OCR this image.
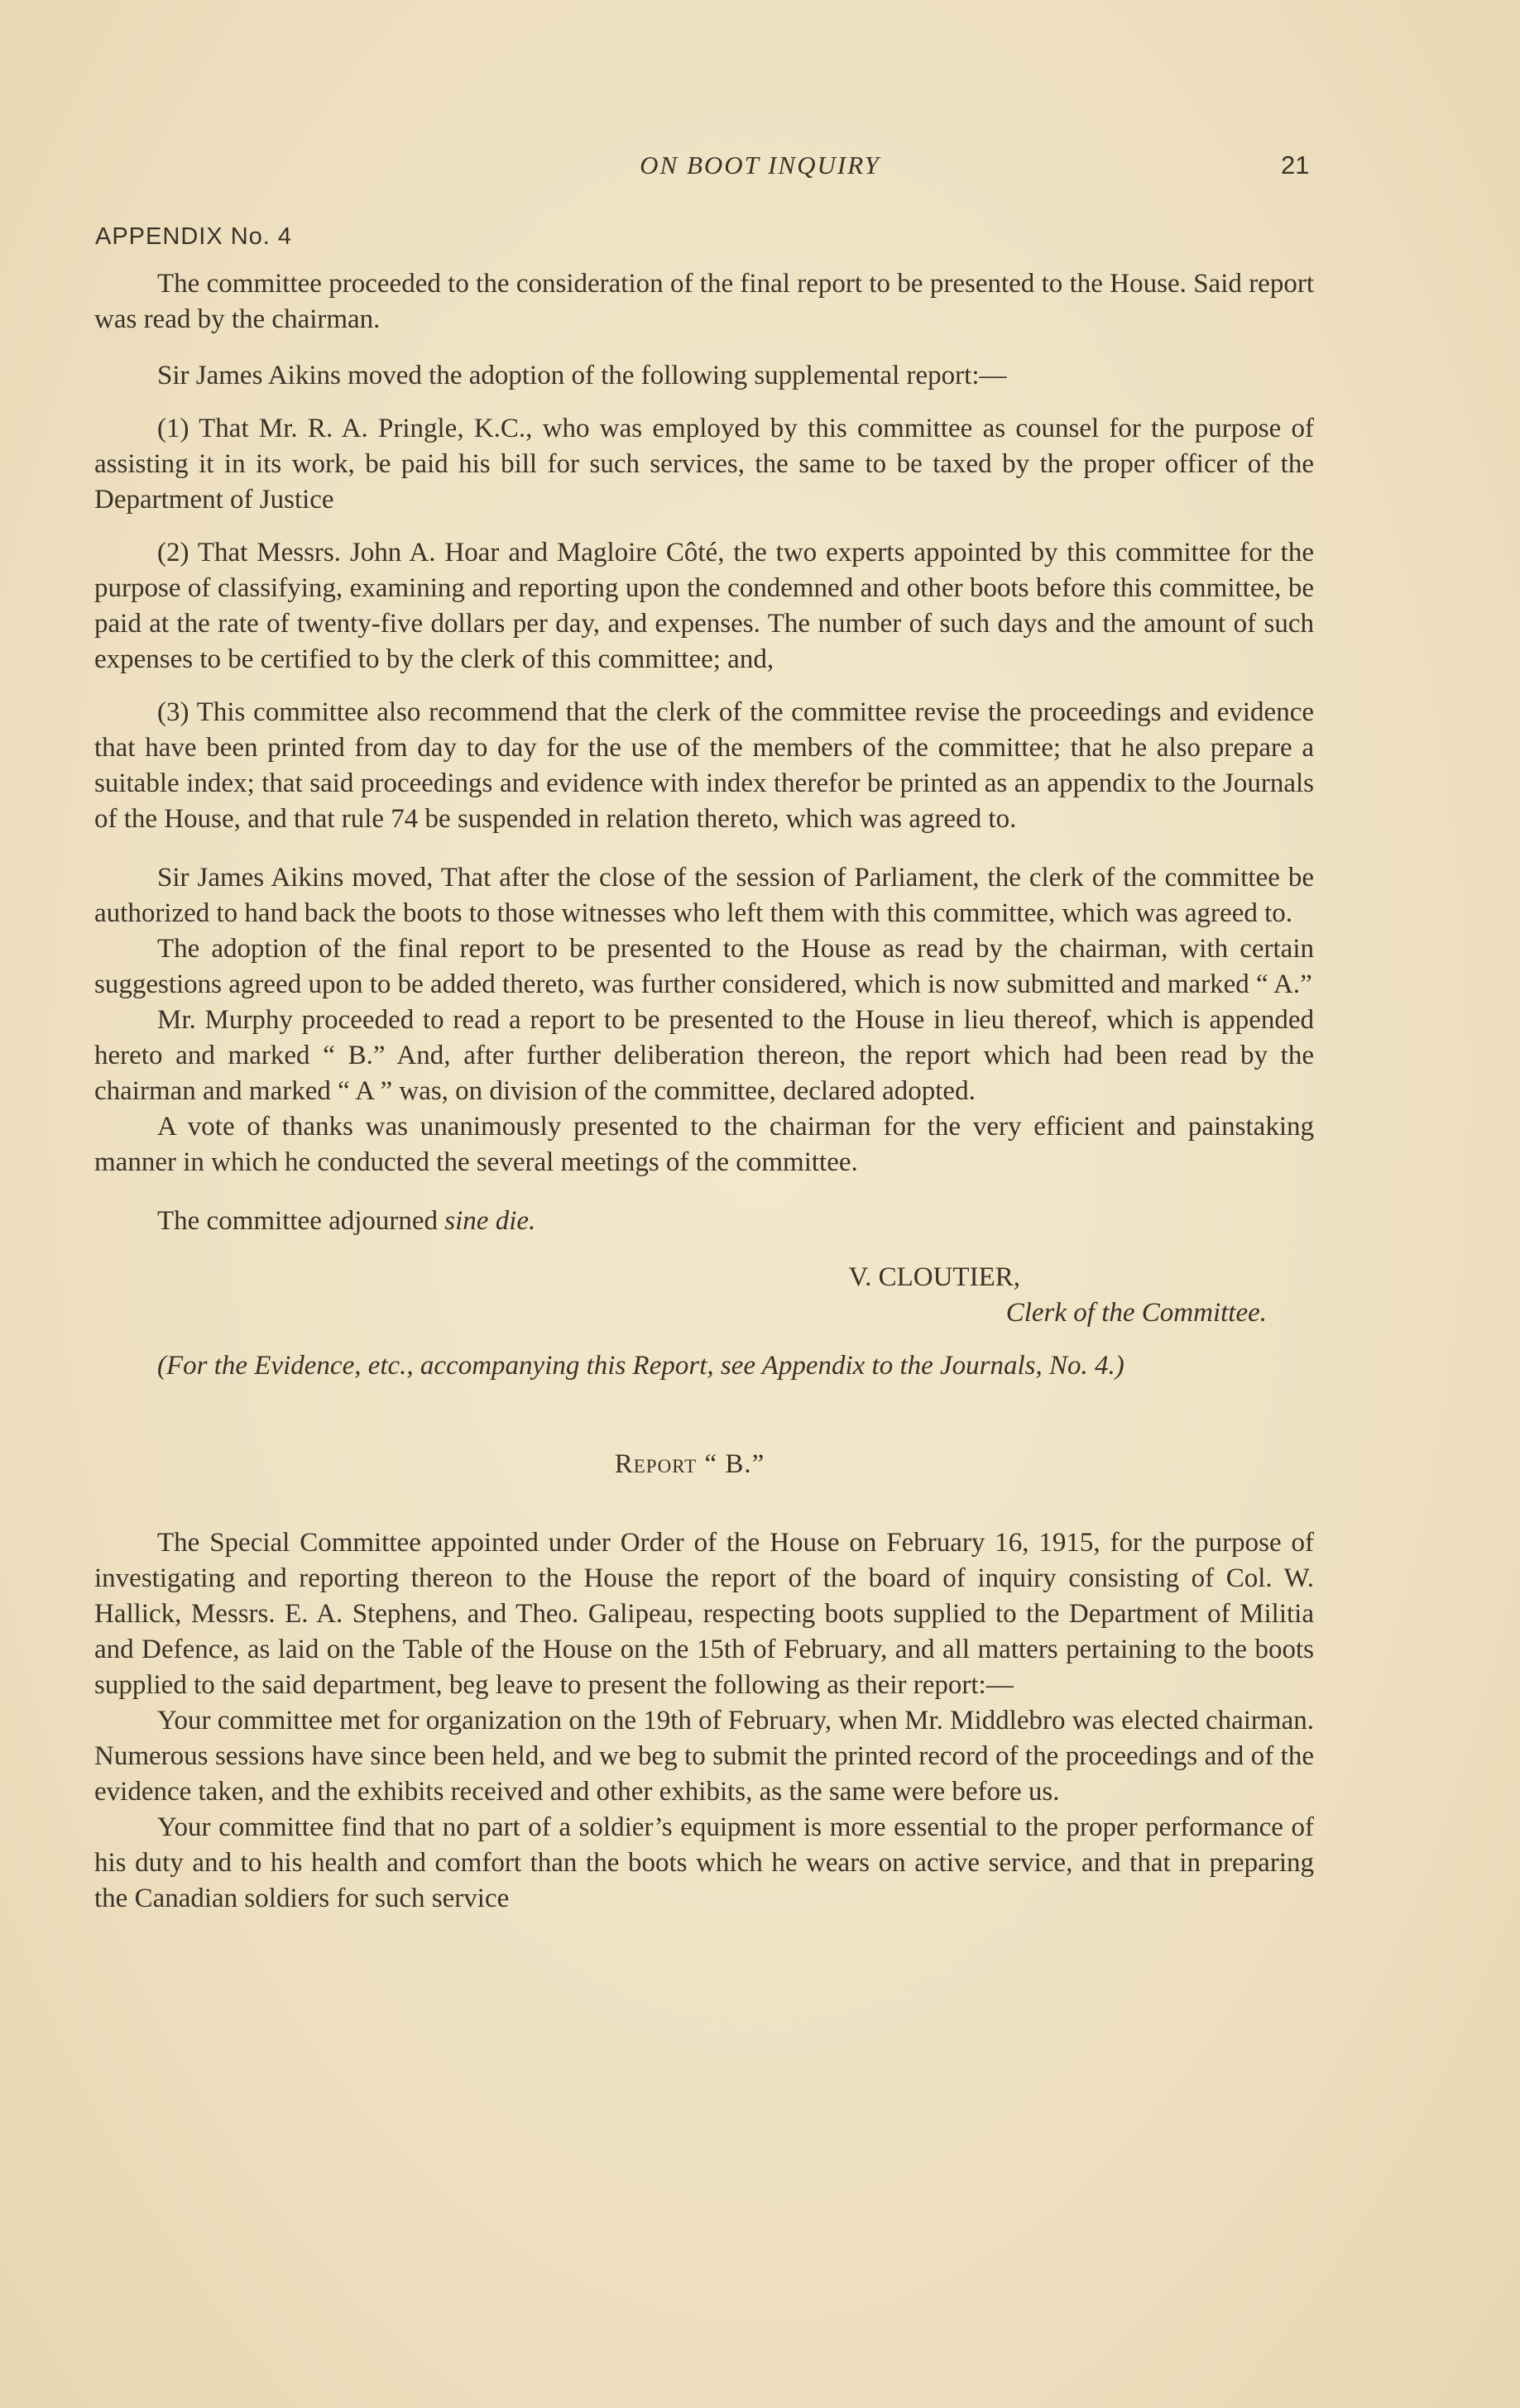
ON BOOT INQUIRY	21
APPENDIX No. 4

The committee proceeded to the consideration of the final report to be presented to the House. Said report was read by the chairman.

Sir James Aikins moved the adoption of the following supplemental report:—

(1) That Mr. R. A. Pringle, K.C., who was employed by this committee as counsel for the purpose of assisting it in its work, be paid his bill for such services, the same to be taxed by the proper officer of the Department of Justice

(2) That Messrs. John A. Hoar and Magloire Côté, the two experts appointed by this committee for the purpose of classifying, examining and reporting upon the condemned and other boots before this committee, be paid at the rate of twenty-five dollars per day, and expenses. The number of such days and the amount of such expenses to be certified to by the clerk of this committee; and,

(3) This committee also recommend that the clerk of the committee revise the proceedings and evidence that have been printed from day to day for the use of the members of the committee; that he also prepare a suitable index; that said proceedings and evidence with index therefor be printed as an appendix to the Journals of the House, and that rule 74 be suspended in relation thereto, which was agreed to.

Sir James Aikins moved, That after the close of the session of Parliament, the clerk of the committee be authorized to hand back the boots to those witnesses who left them with this committee, which was agreed to.

The adoption of the final report to be presented to the House as read by the chairman, with certain suggestions agreed upon to be added thereto, was further considered, which is now submitted and marked “ A.”

Mr. Murphy proceeded to read a report to be presented to the House in lieu thereof, which is appended hereto and marked “ B.” And, after further deliberation thereon, the report which had been read by the chairman and marked “ A ” was, on division of the committee, declared adopted.

A vote of thanks was unanimously presented to the chairman for the very efficient and painstaking manner in which he conducted the several meetings of the committee.

The committee adjourned sine die.

V. CLOUTIER,

Clerk of the Committee.

(For the Evidence, etc., accompanying this Report, see Appendix to the Journals, No. 4.)

Report “ B.”

The Special Committee appointed under Order of the House on February 16, 1915, for the purpose of investigating and reporting thereon to the House the report of the board of inquiry consisting of Col. W. Hallick, Messrs. E. A. Stephens, and Theo. Galipeau, respecting boots supplied to the Department of Militia and Defence, as laid on the Table of the House on the 15th of February, and all matters pertaining to the boots supplied to the said department, beg leave to present the following as their report:—

Your committee met for organization on the 19th of February, when Mr. Middlebro was elected chairman. Numerous sessions have since been held, and we beg to submit the printed record of the proceedings and of the evidence taken, and the exhibits received and other exhibits, as the same were before us.

Your committee find that no part of a soldier’s equipment is more essential to the proper performance of his duty and to his health and comfort than the boots which he wears on active service, and that in preparing the Canadian soldiers for such service
